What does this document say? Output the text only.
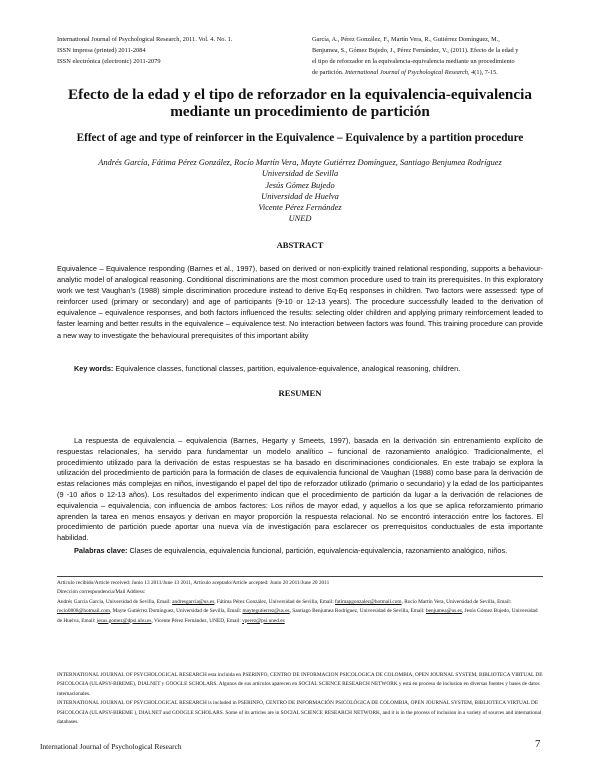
International Journal of Psychological Research, 2011. Vol. 4. No. 1.
ISSN impresa (printed) 2011-2084
ISSN electrónica (electronic) 2011-2079
García, A., Pérez González, F., Martín Vera, R., Gutiérrez Domínguez, M.,
Benjumea, S., Gómez Bujedo, J., Pérez Fernández, V., (2011). Efecto de la edad y
el tipo de reforzador en la equivalencia-equivalencia mediante un procedimiento
de partición. International Journal of Psychological Research, 4(1), 7-15.
Efecto de la edad y el tipo de reforzador en la equivalencia-equivalencia
mediante un procedimiento de partición
Effect of age and type of reinforcer in the Equivalence – Equivalence by a partition procedure
Andrés García, Fátima Pérez González, Rocío Martín Vera, Mayte Gutiérrez Domínguez, Santiago Benjumea Rodríguez
Universidad de Sevilla
Jesús Gómez Bujedo
Universidad de Huelva
Vicente Pérez Fernández
UNED
ABSTRACT

Equivalence – Equivalence responding (Barnes et al., 1997), based on derived or non-explicitly trained relational responding, supports a behaviour-analytic model of analogical reasoning. Conditional discriminations are the most common procedure used to train its prerequisites. In this exploratory work we test Vaughan’s (1988) simple discrimination procedure instead to derive Eq-Eq responses in children. Two factors were assessed: type of reinforcer used (primary or secondary) and age of participants (9-10 or 12-13 years). The procedure successfully leaded to the derivation of equivalence – equivalence responses, and both factors influenced the results: selecting older children and applying primary reinforcement leaded to faster learning and better results in the equivalence – equivalence test. No interaction between factors was found. This training procedure can provide a new way to investigate the behavioural prerequisites of this important ability

Key words: Equivalence classes, functional classes, partition, equivalence-equivalence, analogical reasoning, children.
RESUMEN

La respuesta de equivalencia – equivalencia (Barnes, Hegarty y Smeets, 1997), basada en la derivación sin entrenamiento explícito de respuestas relacionales, ha servido para fundamentar un modelo analítico – funcional de razonamiento analógico. Tradicionalmente, el procedimiento utilizado para la derivación de estas respuestas se ha basado en discriminaciones condicionales. En este trabajo se explora la utilización del procedimiento de partición para la formación de clases de equivalencia funcional de Vaughan (1988) como base para la derivación de estas relaciones más complejas en niños, investigando el papel del tipo de reforzador utilizado (primario o secundario) y la edad de los participantes (9 -10 años o 12-13 años). Los resultados del experimento indican que el procedimiento de partición da lugar a la derivación de relaciones de equivalencia – equivalencia, con influencia de ambos factores: Los niños de mayor edad, y aquellos a los que se aplica reforzamiento primario aprenden la tarea en menos ensayos y derivan en mayor proporción la respuesta relacional. No se encontró interacción entre los factores. El procedimiento de partición puede aportar una nueva vía de investigación para esclarecer os prerrequisitos conductuales de esta importante habilidad.

Palabras clave: Clases de equivalencia, equivalencia funcional, partición, equivalencia-equivalencia, razonamiento analógico, niños.

Artículo recibido/Article received: Junio 13 2011/June 13 2011, Artículo aceptado/Article accepted: Junio 20 2011/June 20 2011
Dirección correspondencia/Mail Address:
Andrés García García, Universidad de Sevilla, Email: andresgarcia@us.es, Fátima Pérez González, Universidad de Sevilla, Email: fatimapgonzalez@hotmail.com, Rocío Martín Vera, Universidad de Sevilla, Email: rocio0808@hotmail.com, Mayte Gutiérrez Domínguez, Universidad de Sevilla, Email: maytegutierrez@us.es, Santiago Benjumea Rodríguez, Universidad de Sevilla, Email: benjumea@us.es, Jesús Gómez Bujedo, Universidad de Huelva, Email: jesus.gomez@dpsi.uhu.es, Vicente Pérez Fernández, UNED, Email: vperez@psi.uned.es
INTERNATIONAL JOURNAL OF PSYCHOLOGICAL RESEARCH esta incluida en PSERINFO, CENTRO DE INFORMACION PSICOLOGICA DE COLOMBIA, OPEN JOURNAL SYSTEM, BIBLIOTECA VIRTUAL DE PSICOLOGIA (ULAPSY-BIREME), DIALNET y GOOGLE SCHOLARS. Algunos de sus artículos aparecen en SOCIAL SCIENCE RESEARCH NETWORK y está en proceso de inclusion en diversas fuentes y bases de datos internacionales.
INTERNATIONAL JOURNAL OF PSYCHOLOGICAL RESEARCH is included in PSERINFO, CENTRO DE INFORMACIÓN PSICOLÓGICA DE COLOMBIA, OPEN JOURNAL SYSTEM, BIBLIOTECA VIRTUAL DE PSICOLOGIA (ULAPSY-BIREME ), DIALNET and GOOGLE SCHOLARS. Some of its articles are in SOCIAL SCIENCE RESEARCH NETWORK, and it is in the process of inclusion in a variety of sources and international databases.
International Journal of Psychological Research	7
